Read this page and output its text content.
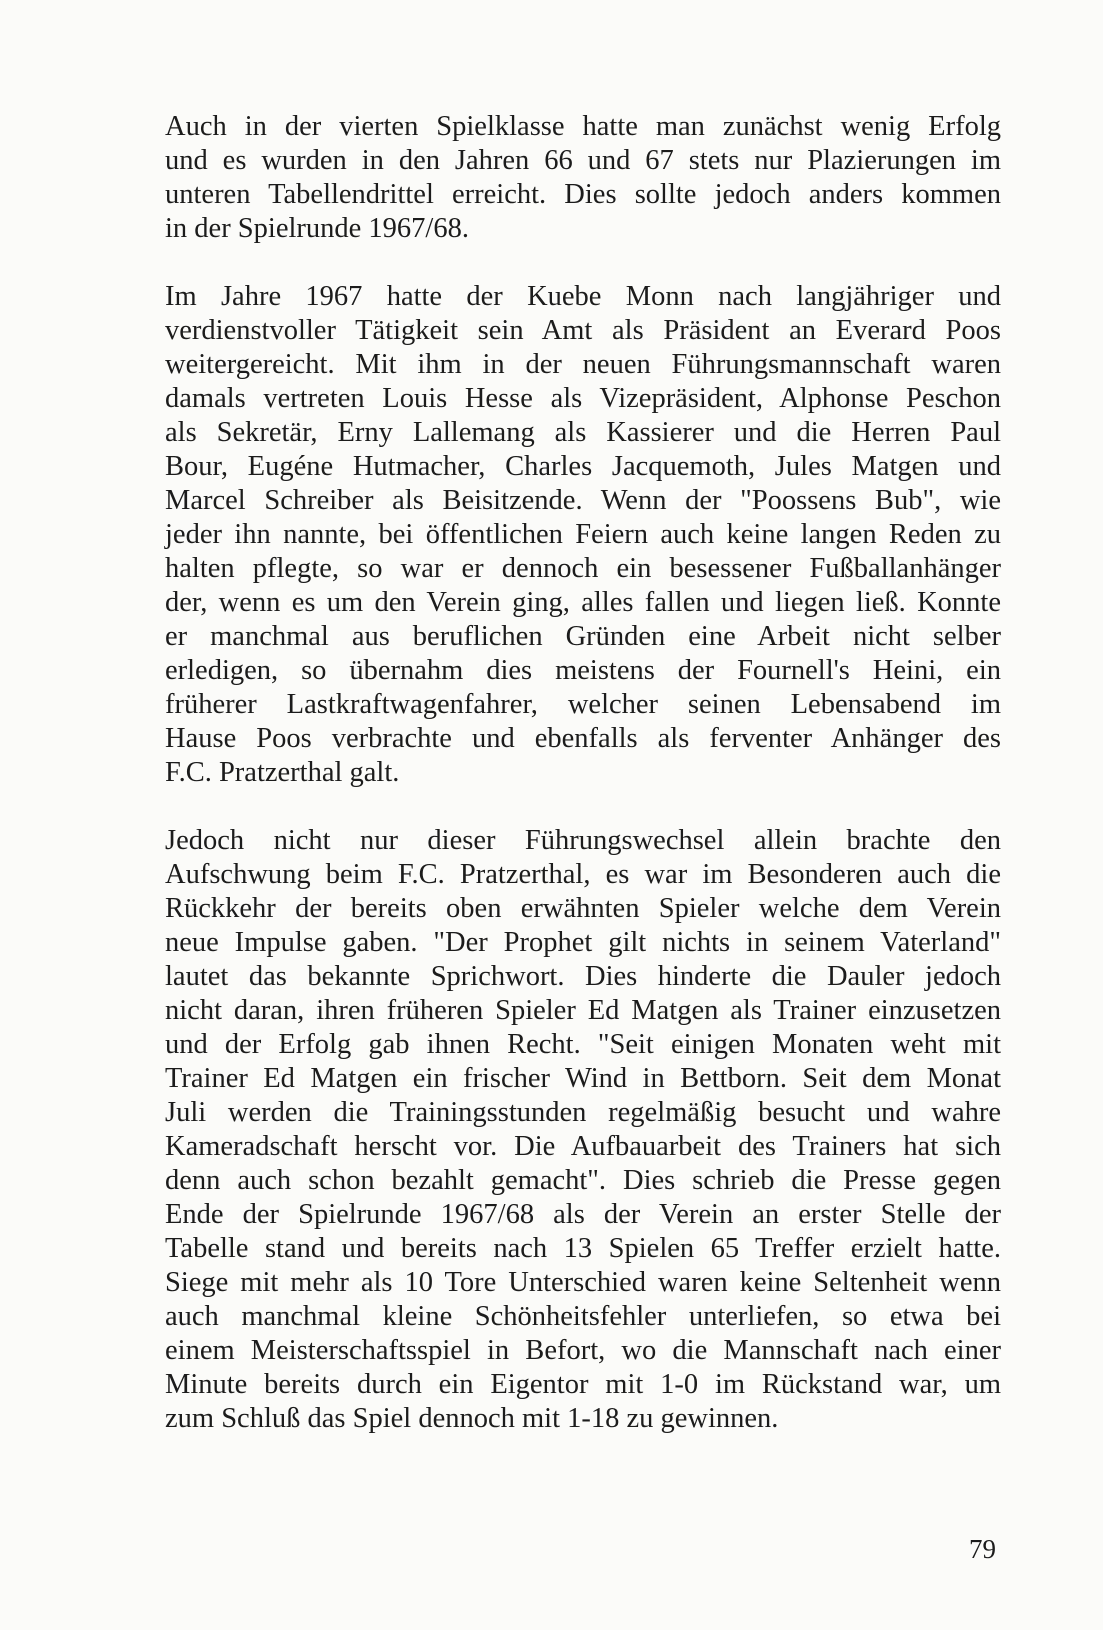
Auch in der vierten Spielklasse hatte man zunächst wenig Erfolg
und es wurden in den Jahren 66 und 67 stets nur Plazierungen im
unteren Tabellendrittel erreicht. Dies sollte jedoch anders kommen
in der Spielrunde 1967/68.
Im Jahre 1967 hatte der Kuebe Monn nach langjähriger und
verdienstvoller Tätigkeit sein Amt als Präsident an Everard Poos
weitergereicht. Mit ihm in der neuen Führungsmannschaft waren
damals vertreten Louis Hesse als Vizepräsident, Alphonse Peschon
als Sekretär, Erny Lallemang als Kassierer und die Herren Paul
Bour, Eugéne Hutmacher, Charles Jacquemoth, Jules Matgen und
Marcel Schreiber als Beisitzende. Wenn der "Poossens Bub", wie
jeder ihn nannte, bei öffentlichen Feiern auch keine langen Reden zu
halten pflegte, so war er dennoch ein besessener Fußballanhänger
der, wenn es um den Verein ging, alles fallen und liegen ließ. Konnte
er manchmal aus beruflichen Gründen eine Arbeit nicht selber
erledigen, so übernahm dies meistens der Fournell's Heini, ein
früherer Lastkraftwagenfahrer, welcher seinen Lebensabend im
Hause Poos verbrachte und ebenfalls als ferventer Anhänger des
F.C. Pratzerthal galt.
Jedoch nicht nur dieser Führungswechsel allein brachte den
Aufschwung beim F.C. Pratzerthal, es war im Besonderen auch die
Rückkehr der bereits oben erwähnten Spieler welche dem Verein
neue Impulse gaben. "Der Prophet gilt nichts in seinem Vaterland"
lautet das bekannte Sprichwort. Dies hinderte die Dauler jedoch
nicht daran, ihren früheren Spieler Ed Matgen als Trainer einzusetzen
und der Erfolg gab ihnen Recht. "Seit einigen Monaten weht mit
Trainer Ed Matgen ein frischer Wind in Bettborn. Seit dem Monat
Juli werden die Trainingsstunden regelmäßig besucht und wahre
Kameradschaft herscht vor. Die Aufbauarbeit des Trainers hat sich
denn auch schon bezahlt gemacht". Dies schrieb die Presse gegen
Ende der Spielrunde 1967/68 als der Verein an erster Stelle der
Tabelle stand und bereits nach 13 Spielen 65 Treffer erzielt hatte.
Siege mit mehr als 10 Tore Unterschied waren keine Seltenheit wenn
auch manchmal kleine Schönheitsfehler unterliefen, so etwa bei
einem Meisterschaftsspiel in Befort, wo die Mannschaft nach einer
Minute bereits durch ein Eigentor mit 1-0 im Rückstand war, um
zum Schluß das Spiel dennoch mit 1-18 zu gewinnen.
79
